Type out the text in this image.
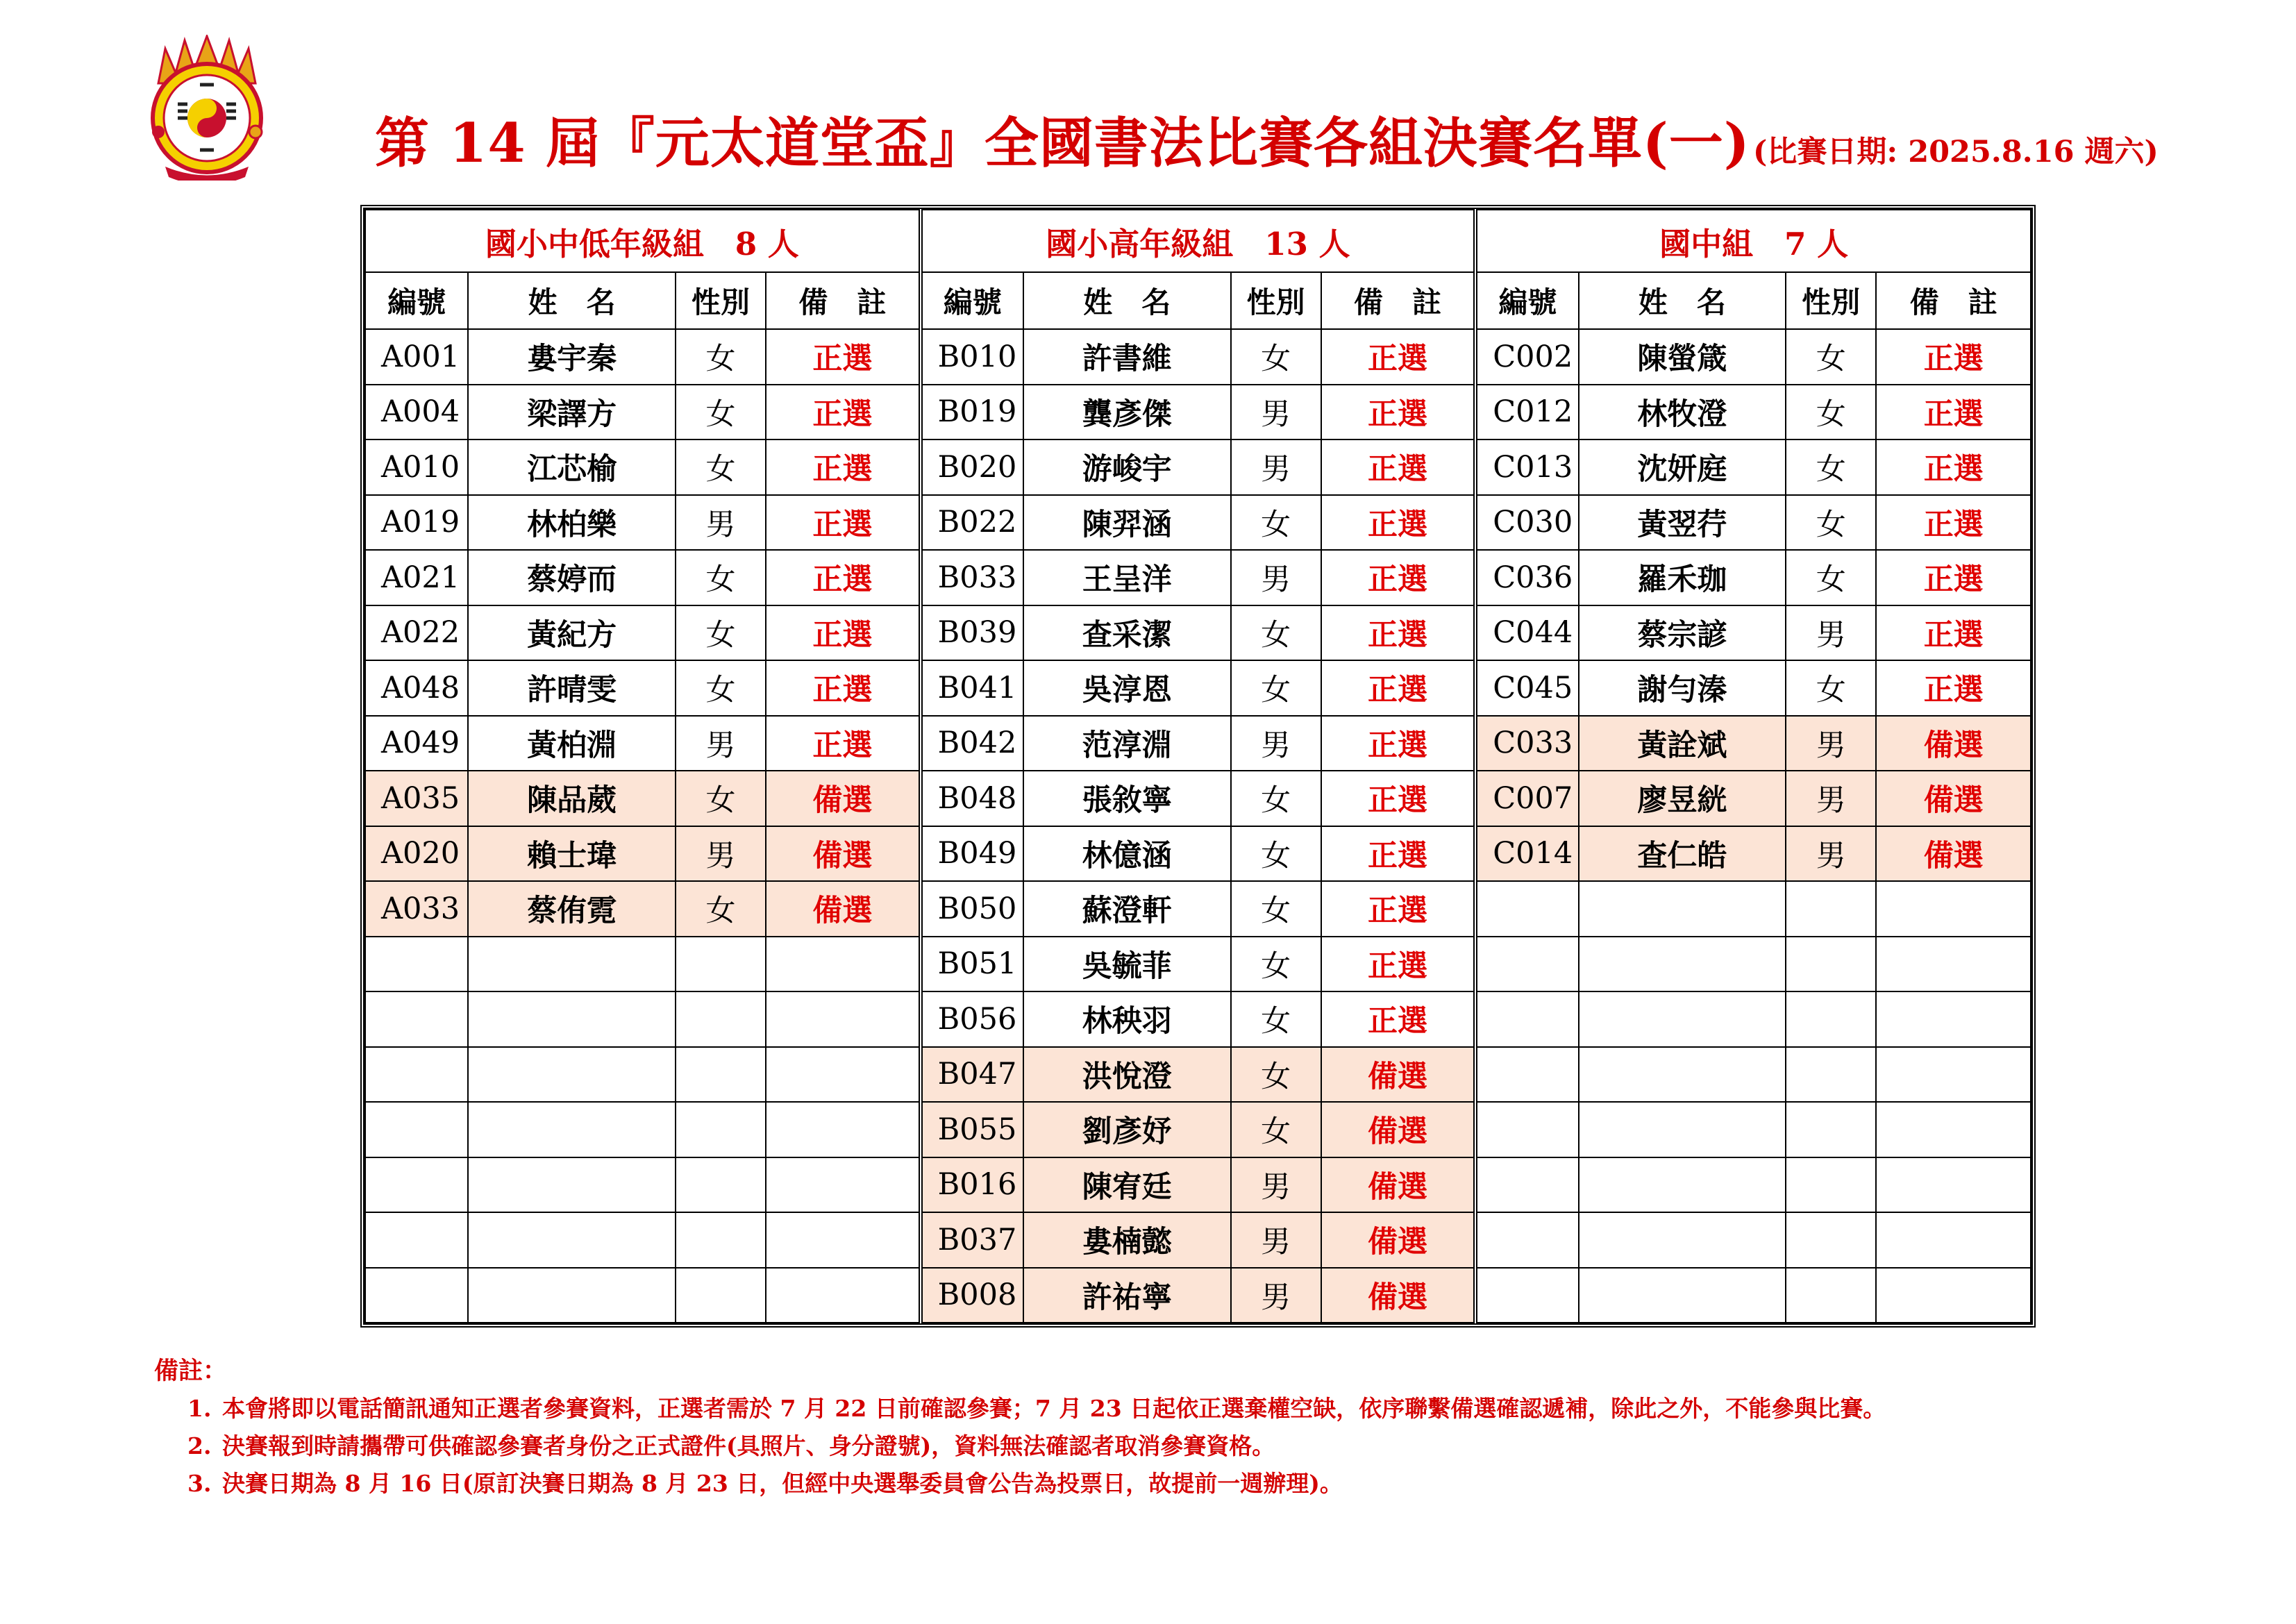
第 14 屆『元太道堂盃』全國書法比賽各組決賽名單(一) (比賽日期: 2025.8.16 週六)
國小中低年級組　8 人				國小高年級組　13 人				國中組　7 人			
編號	姓　名	性別	備　註	編號	姓　名	性別	備　註	編號	姓　名	性別	備　註
A001	婁宇秦	女	正選	B010	許書維	女	正選	C002	陳螢箴	女	正選
A004	梁譯方	女	正選	B019	龔彥傑	男	正選	C012	林牧澄	女	正選
A010	江芯榆	女	正選	B020	游峻宇	男	正選	C013	沈妍庭	女	正選
A019	林柏樂	男	正選	B022	陳羿涵	女	正選	C030	黃翌荇	女	正選
A021	蔡婷而	女	正選	B033	王呈洋	男	正選	C036	羅禾珈	女	正選
A022	黃紀方	女	正選	B039	查采潔	女	正選	C044	蔡宗諺	男	正選
A048	許晴雯	女	正選	B041	吳淳恩	女	正選	C045	謝勻溱	女	正選
A049	黃柏淵	男	正選	B042	范淳淵	男	正選	C033	黃詮斌	男	備選
A035	陳品葳	女	備選	B048	張敘寧	女	正選	C007	廖昱絖	男	備選
A020	賴士瑋	男	備選	B049	林億涵	女	正選	C014	查仁皓	男	備選
A033	蔡侑霓	女	備選	B050	蘇澄軒	女	正選				
				B051	吳毓菲	女	正選				
				B056	林秧羽	女	正選				
				B047	洪悅澄	女	備選				
				B055	劉彥妤	女	備選				
				B016	陳宥廷	男	備選				
				B037	婁楠懿	男	備選				
				B008	許祐寧	男	備選				
備註：
1. 本會將即以電話簡訊通知正選者參賽資料，正選者需於 7 月 22 日前確認參賽；7 月 23 日起依正選棄權空缺，依序聯繫備選確認遞補，除此之外，不能參與比賽。
2. 決賽報到時請攜帶可供確認參賽者身份之正式證件(具照片、身分證號)，資料無法確認者取消參賽資格。
3. 決賽日期為 8 月 16 日(原訂決賽日期為 8 月 23 日，但經中央選舉委員會公告為投票日，故提前一週辦理)。
